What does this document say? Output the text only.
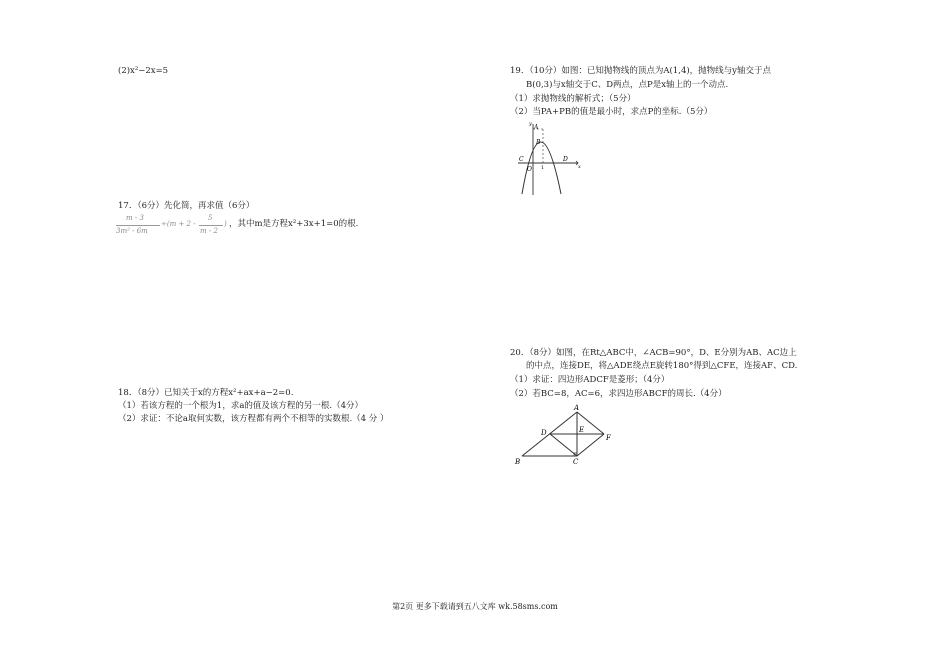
(2)x²−2x=5
17．（6分）先化简，再求值（6分）
m - 3
3m² - 6m
÷(m + 2 -
5
m - 2
) ，其中m是方程x²+3x+1=0的根.
18．（8分）已知关于x的方程x²+ax+a−2=0.
（1）若该方程的一个根为1，求a的值及该方程的另一根.（4分）
（2）求证：不论a取何实数，该方程都有两个不相等的实数根.（4 分 ）
19．（10分）如图：已知抛物线的顶点为A(1,4)，抛物线与y轴交于点
B(0,3)与x轴交于C、D两点，点P是x轴上的一个动点.
（1）求抛物线的解析式；（5分）
（2）当PA+PB的值是最小时，求点P的坐标.（5分）
A
B
C	D
O 1	x
y
20．（8分）如图，在Rt△ABC中，∠ACB=90°，D、E分别为AB、AC边上
的中点，连接DE，将△ADE绕点E旋转180°得到△CFE，连接AF、CD.
（1）求证：四边形ADCF是菱形；（4分）
（2）若BC=8，AC=6，求四边形ABCF的周长.（4分）
A
B	C
D	E
F
第2页 更多下载请到五八文库 wk.58sms.com
